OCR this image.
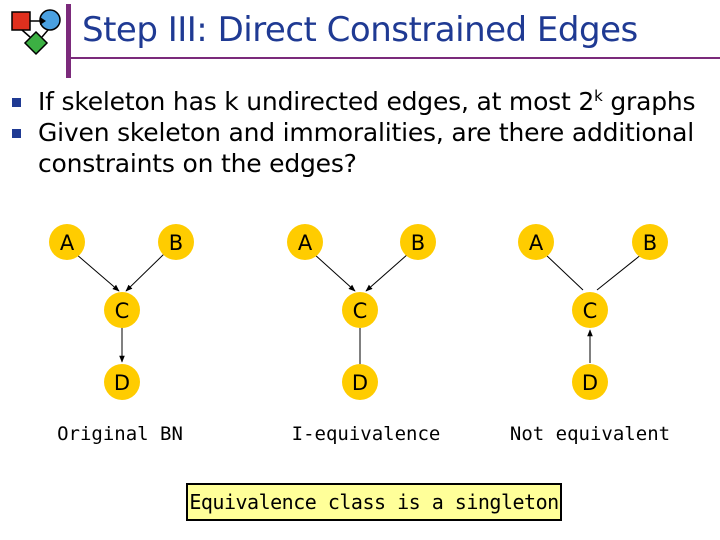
Step III: Direct Constrained Edges
If skeleton has k undirected edges, at most 2$^k$ graphs
Given skeleton and immoralities, are there additional constraints on the edges?
A	B
C
D
Original BN
A	B
C
D
I-equivalence
A	B
C
D
Not equivalent
Equivalence class is a singleton
